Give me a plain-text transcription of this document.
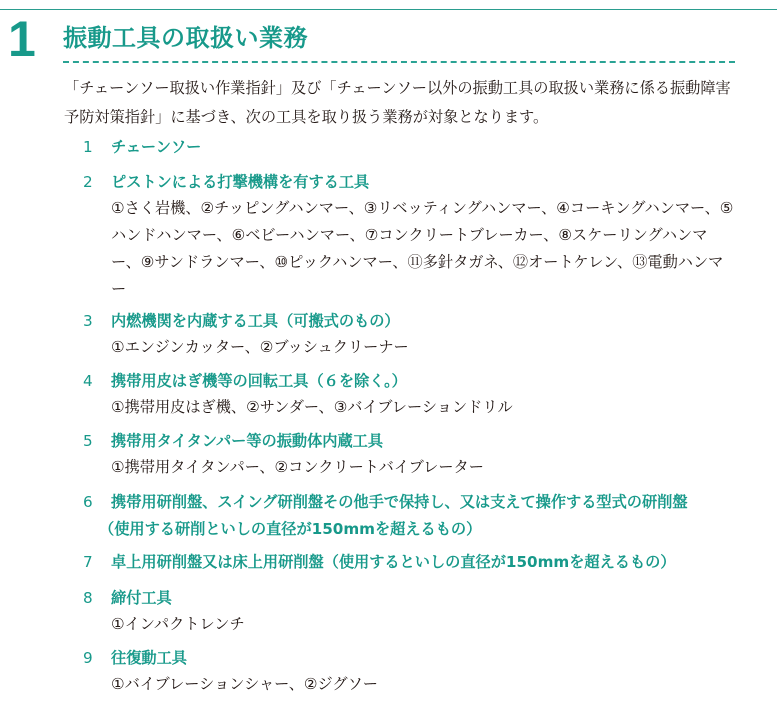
1 振動工具の取扱い業務

「チェーンソー取扱い作業指針」及び「チェーンソー以外の振動工具の取扱い業務に係る振動障害予防対策指針」に基づき、次の工具を取り扱う業務が対象となります。

1 チェーンソー
2 ピストンによる打撃機構を有する工具
①さく岩機、②チッピングハンマー、③リベッティングハンマー、④コーキングハンマー、⑤ハンドハンマー、⑥ベビーハンマー、⑦コンクリートブレーカー、⑧スケーリングハンマー、⑨サンドランマー、⑩ピックハンマー、⑪多針タガネ、⑫オートケレン、⑬電動ハンマー
3 内燃機関を内蔵する工具（可搬式のもの）
①エンジンカッター、②ブッシュクリーナー
4 携帯用皮はぎ機等の回転工具（６を除く。）
①携帯用皮はぎ機、②サンダー、③バイブレーションドリル
5 携帯用タイタンパー等の振動体内蔵工具
①携帯用タイタンパー、②コンクリートバイブレーター
6 携帯用研削盤、スイング研削盤その他手で保持し、又は支えて操作する型式の研削盤
（使用する研削といしの直径が150mmを超えるもの）
7 卓上用研削盤又は床上用研削盤（使用するといしの直径が150mmを超えるもの）
8 締付工具
①インパクトレンチ
9 往復動工具
①バイブレーションシャー、②ジグソー
